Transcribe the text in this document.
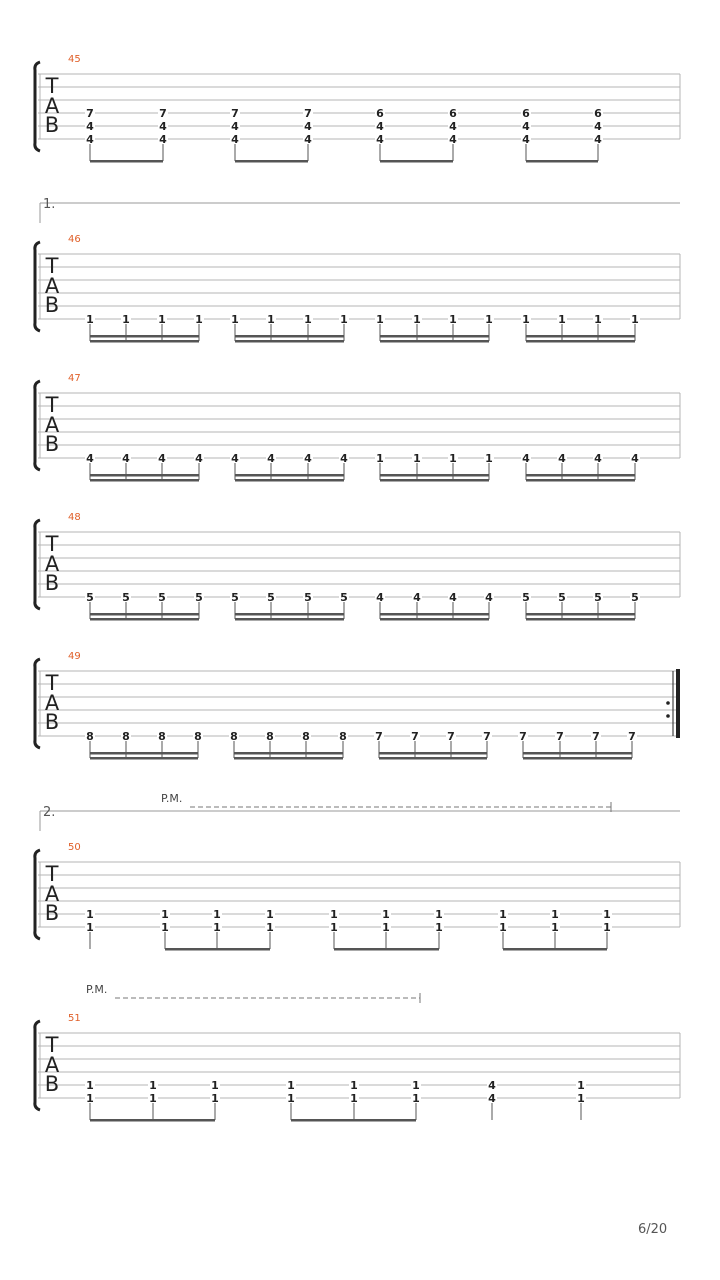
45
T
A
B 7
4
4
7
4
4
7
4
4
7
4
4
6
4
4
6
4
4
6
4
4
6
4
4
1.
46
T
A
B
1	1	1	1	1	1	1	1	1	1	1	1	1	1	1	1
47
T
A
B
4	4	4	4	4	4	4	4	1	1	1	1	4	4	4	4
48
T
A
B
5	5	5	5	5	5	5	5	4	4	4	4	5	5	5	5
49
T
A
B
8	8	8	8	8	8	8	8	7	7	7	7	7	7	7	7
2.
P.M.
50
T
A
B 1
1
1
1
1
1
1
1
1
1
1
1
1
1
1
1
1
1
1
1
P.M.
51
T
A
B 1
1
1
1
1
1
1
1
1
1
1
1
4
4
1
1
6/20
